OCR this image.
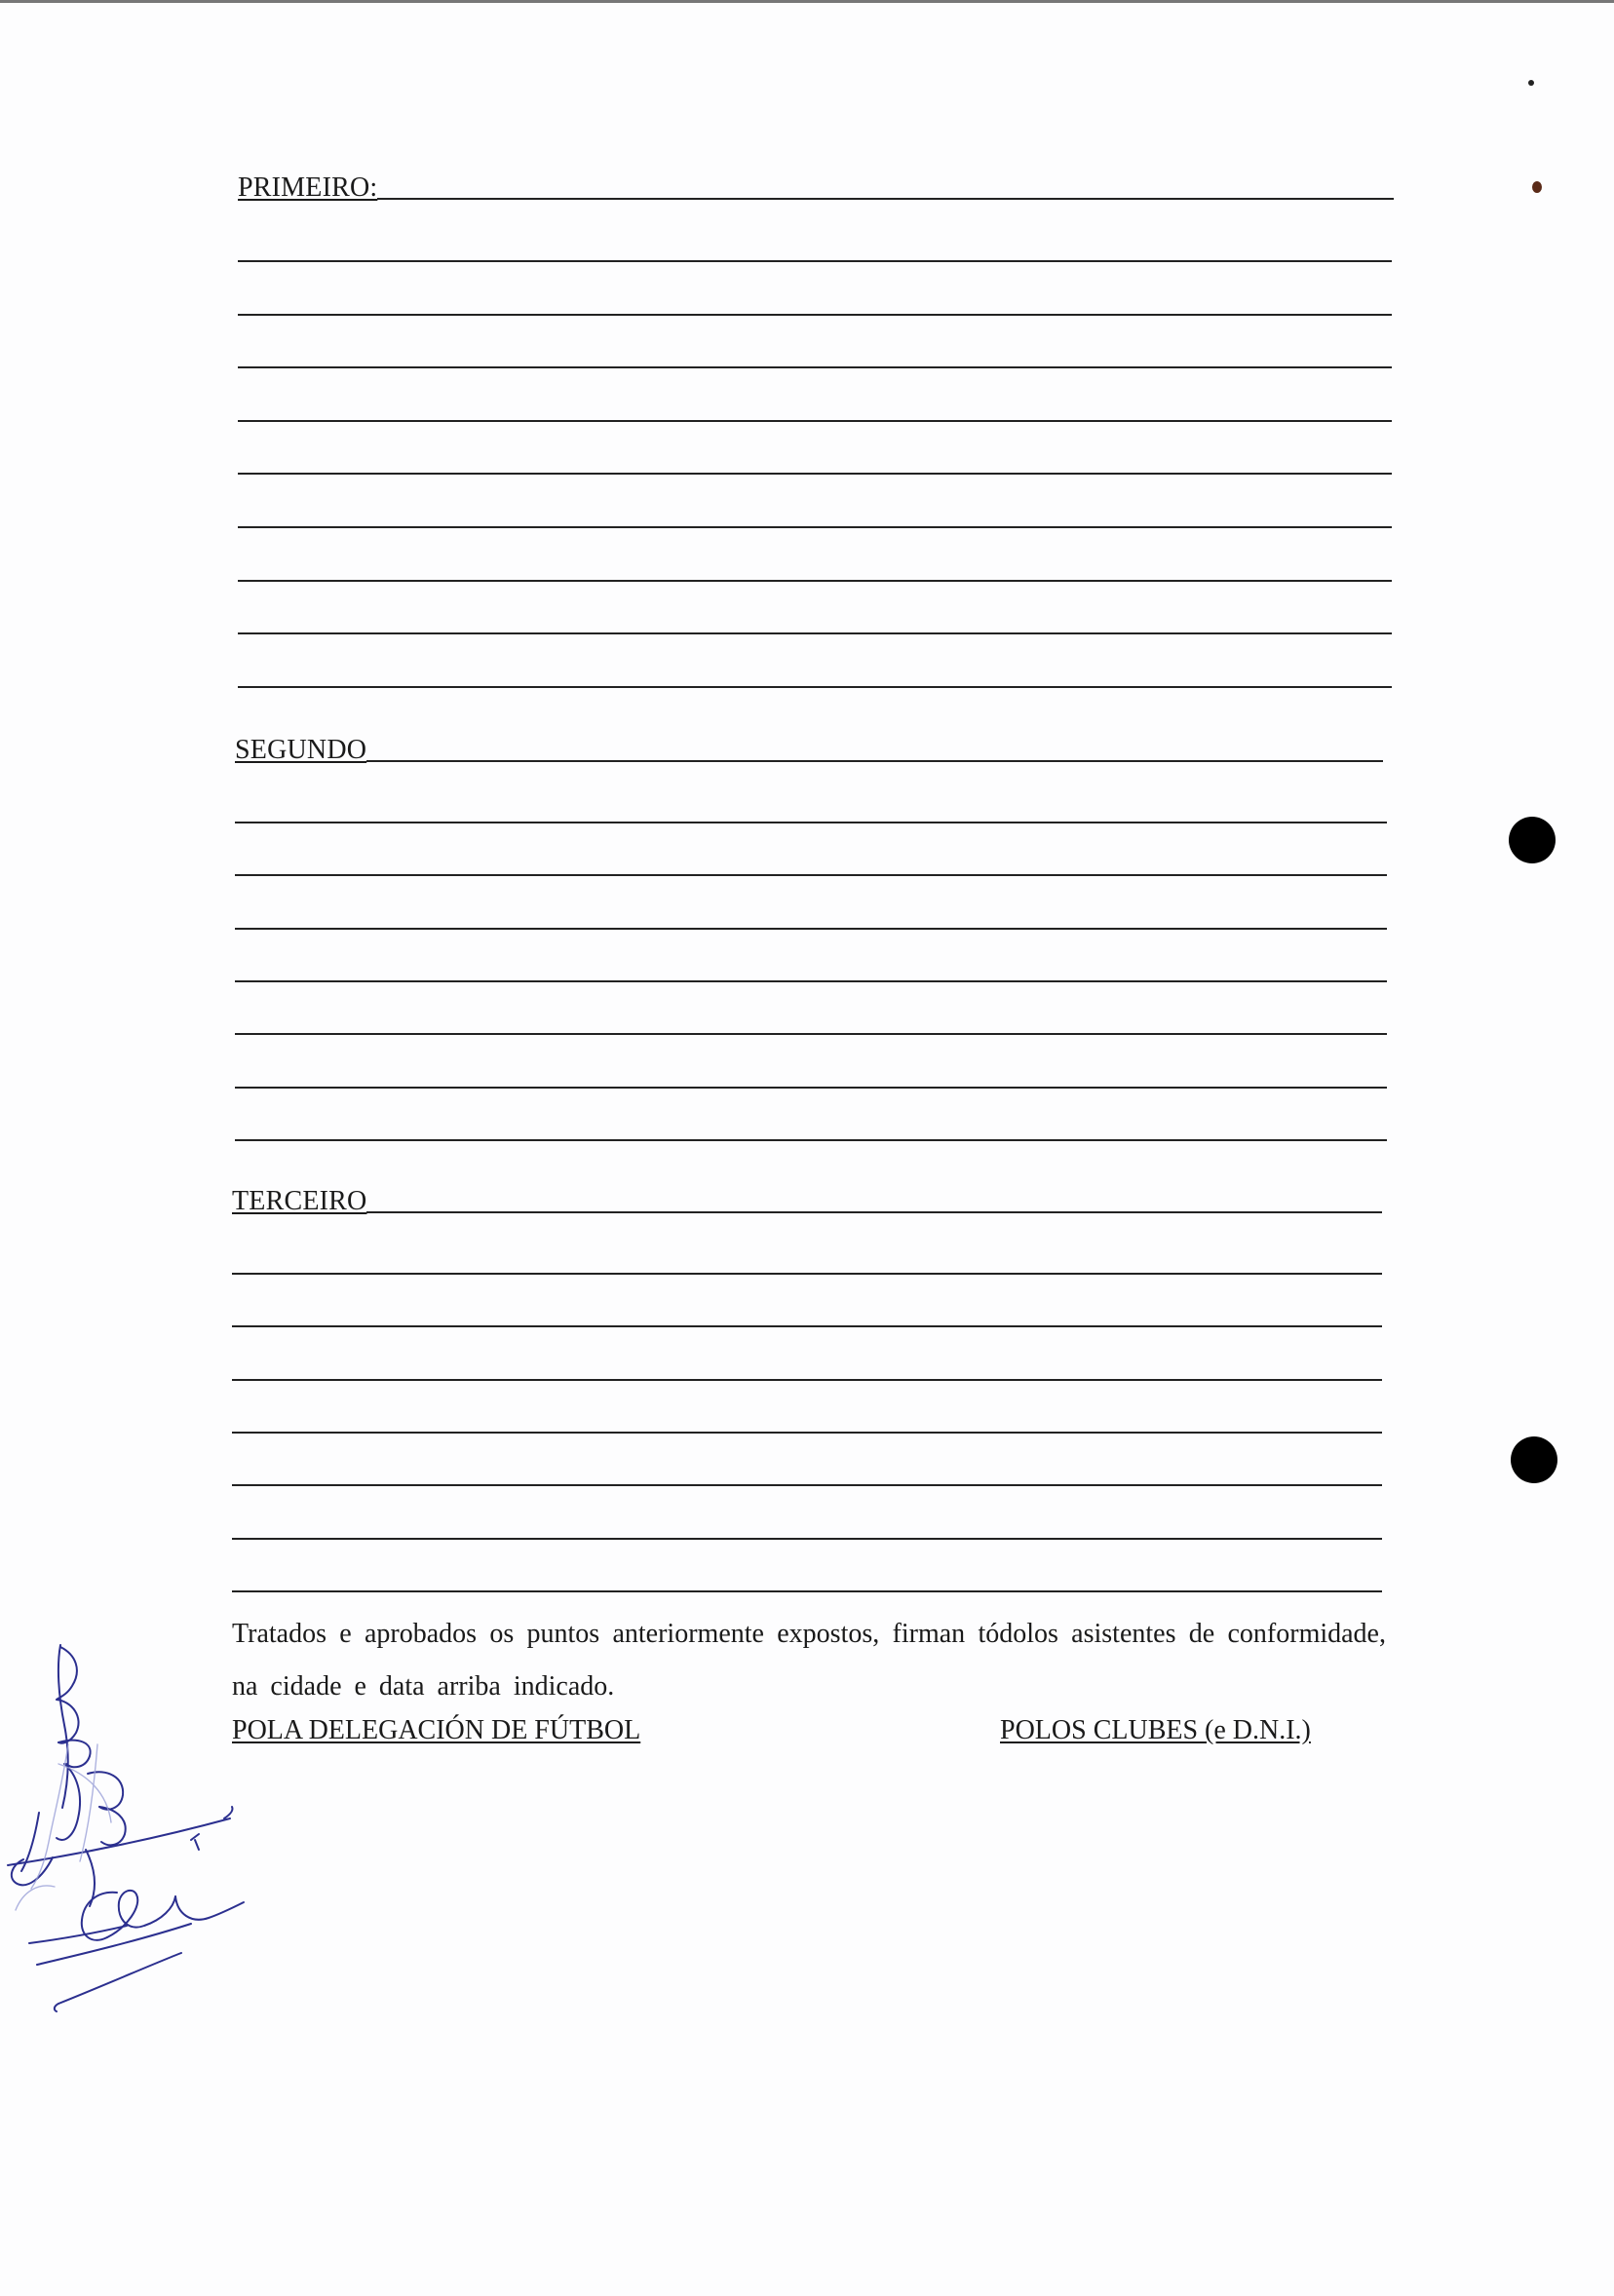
PRIMEIRO:
SEGUNDO
TERCEIRO

Tratados e aprobados os puntos anteriormente expostos, firman tódolos asistentes de conformidade, na cidade e data arriba indicado.

POLA DELEGACIÓN DE FÚTBOL	POLOS CLUBES (e D.N.I.)
